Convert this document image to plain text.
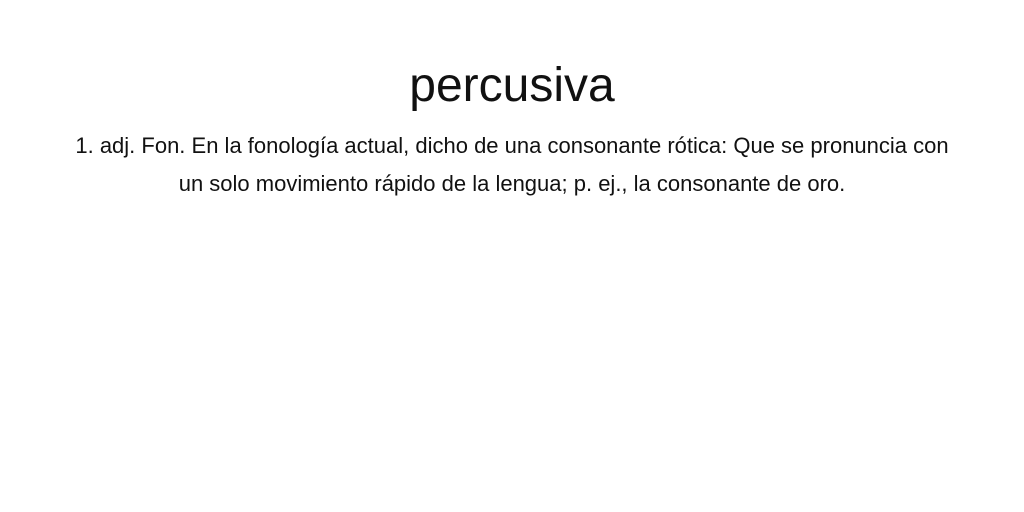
percusiva

1. adj. Fon. En la fonología actual, dicho de una consonante rótica: Que se pronuncia con un solo movimiento rápido de la lengua; p. ej., la consonante de oro.
